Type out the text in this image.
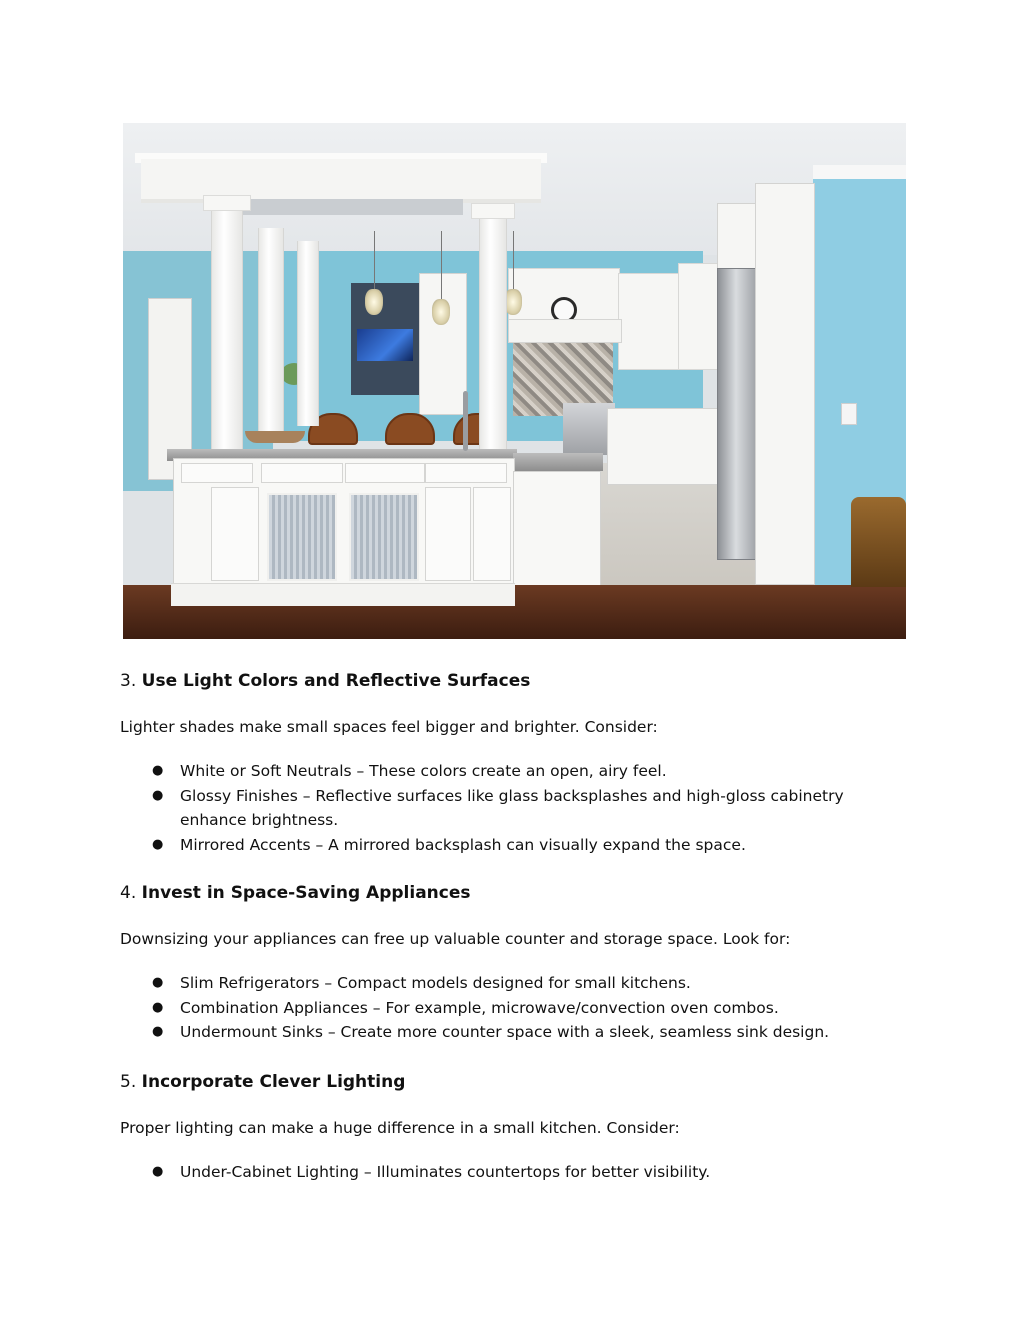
3. Use Light Colors and Reflective Surfaces

Lighter shades make small spaces feel bigger and brighter. Consider:

● White or Soft Neutrals – These colors create an open, airy feel.
● Glossy Finishes – Reflective surfaces like glass backsplashes and high-gloss cabinetry enhance brightness.
● Mirrored Accents – A mirrored backsplash can visually expand the space.
4. Invest in Space-Saving Appliances

Downsizing your appliances can free up valuable counter and storage space. Look for:

● Slim Refrigerators – Compact models designed for small kitchens.
● Combination Appliances – For example, microwave/convection oven combos.
● Undermount Sinks – Create more counter space with a sleek, seamless sink design.
5. Incorporate Clever Lighting

Proper lighting can make a huge difference in a small kitchen. Consider:

● Under-Cabinet Lighting – Illuminates countertops for better visibility.
